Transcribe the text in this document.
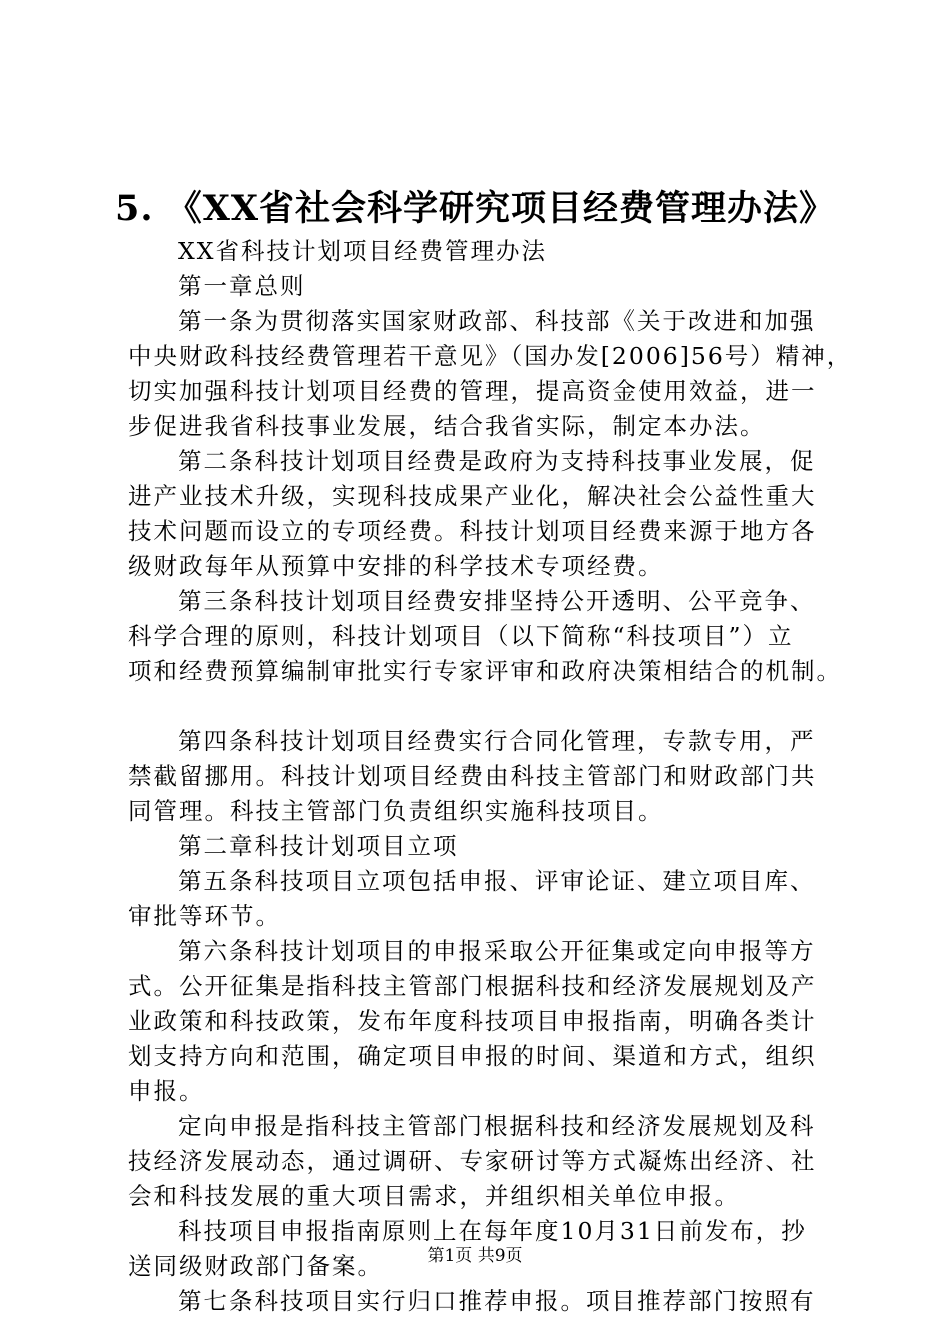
5. 《XX省社会科学研究项目经费管理办法》
XX省科技计划项目经费管理办法
第一章总则
第一条为贯彻落实国家财政部、科技部《关于改进和加强
中央财政科技经费管理若干意见》（国办发[2006]56号）精神，
切实加强科技计划项目经费的管理，提高资金使用效益，进一
步促进我省科技事业发展，结合我省实际，制定本办法。
第二条科技计划项目经费是政府为支持科技事业发展，促
进产业技术升级，实现科技成果产业化，解决社会公益性重大
技术问题而设立的专项经费。科技计划项目经费来源于地方各
级财政每年从预算中安排的科学技术专项经费。
第三条科技计划项目经费安排坚持公开透明、公平竞争、
科学合理的原则，科技计划项目（以下简称“科技项目”）立
项和经费预算编制审批实行专家评审和政府决策相结合的机制。
第四条科技计划项目经费实行合同化管理，专款专用，严
禁截留挪用。科技计划项目经费由科技主管部门和财政部门共
同管理。科技主管部门负责组织实施科技项目。
第二章科技计划项目立项
第五条科技项目立项包括申报、评审论证、建立项目库、
审批等环节。
第六条科技计划项目的申报采取公开征集或定向申报等方
式。公开征集是指科技主管部门根据科技和经济发展规划及产
业政策和科技政策，发布年度科技项目申报指南，明确各类计
划支持方向和范围，确定项目申报的时间、渠道和方式，组织
申报。
定向申报是指科技主管部门根据科技和经济发展规划及科
技经济发展动态，通过调研、专家研讨等方式凝炼出经济、社
会和科技发展的重大项目需求，并组织相关单位申报。
科技项目申报指南原则上在每年度10月31日前发布，抄
送同级财政部门备案。
第七条科技项目实行归口推荐申报。项目推荐部门按照有
第1页 共9页
